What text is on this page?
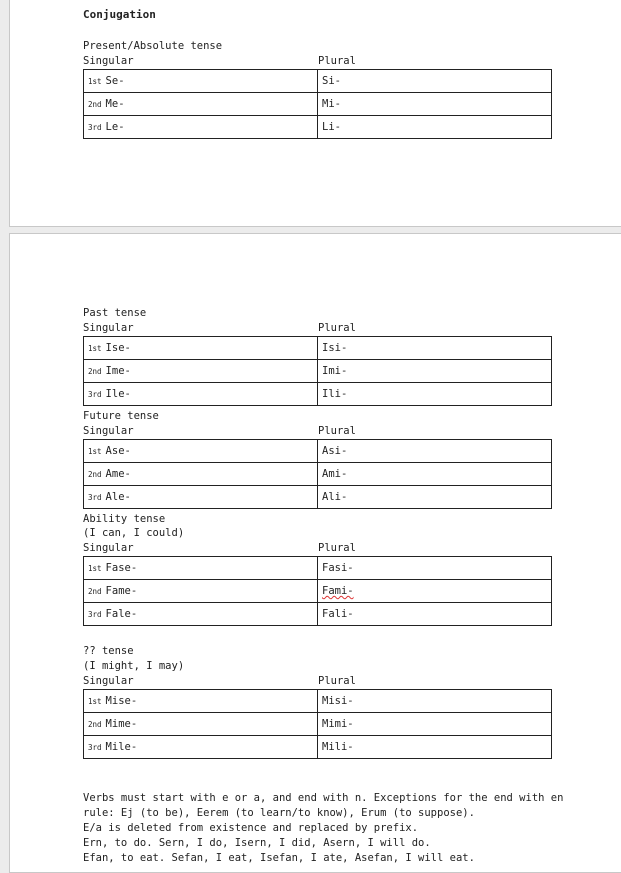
Conjugation
Present/Absolute tense
Singular	Plural
1st Se-	Si-
2nd Me-	Mi-
3rd Le-	Li-
Past tense
Singular	Plural
1st Ise-	Isi-
2nd Ime-	Imi-
3rd Ile-	Ili-
Future tense
Singular	Plural
1st Ase-	Asi-
2nd Ame-	Ami-
3rd Ale-	Ali-
Ability tense
(I can, I could)
Singular	Plural
1st Fase-	Fasi-
2nd Fame-	Fami-
3rd Fale-	Fali-
?? tense
(I might, I may)
Singular	Plural
1st Mise-	Misi-
2nd Mime-	Mimi-
3rd Mile-	Mili-
Verbs must start with e or a, and end with n. Exceptions for the end with en
rule: Ej (to be), Eerem (to learn/to know), Erum (to suppose).
E/a is deleted from existence and replaced by prefix.
Ern, to do. Sern, I do, Isern, I did, Asern, I will do.
Efan, to eat. Sefan, I eat, Isefan, I ate, Asefan, I will eat.
